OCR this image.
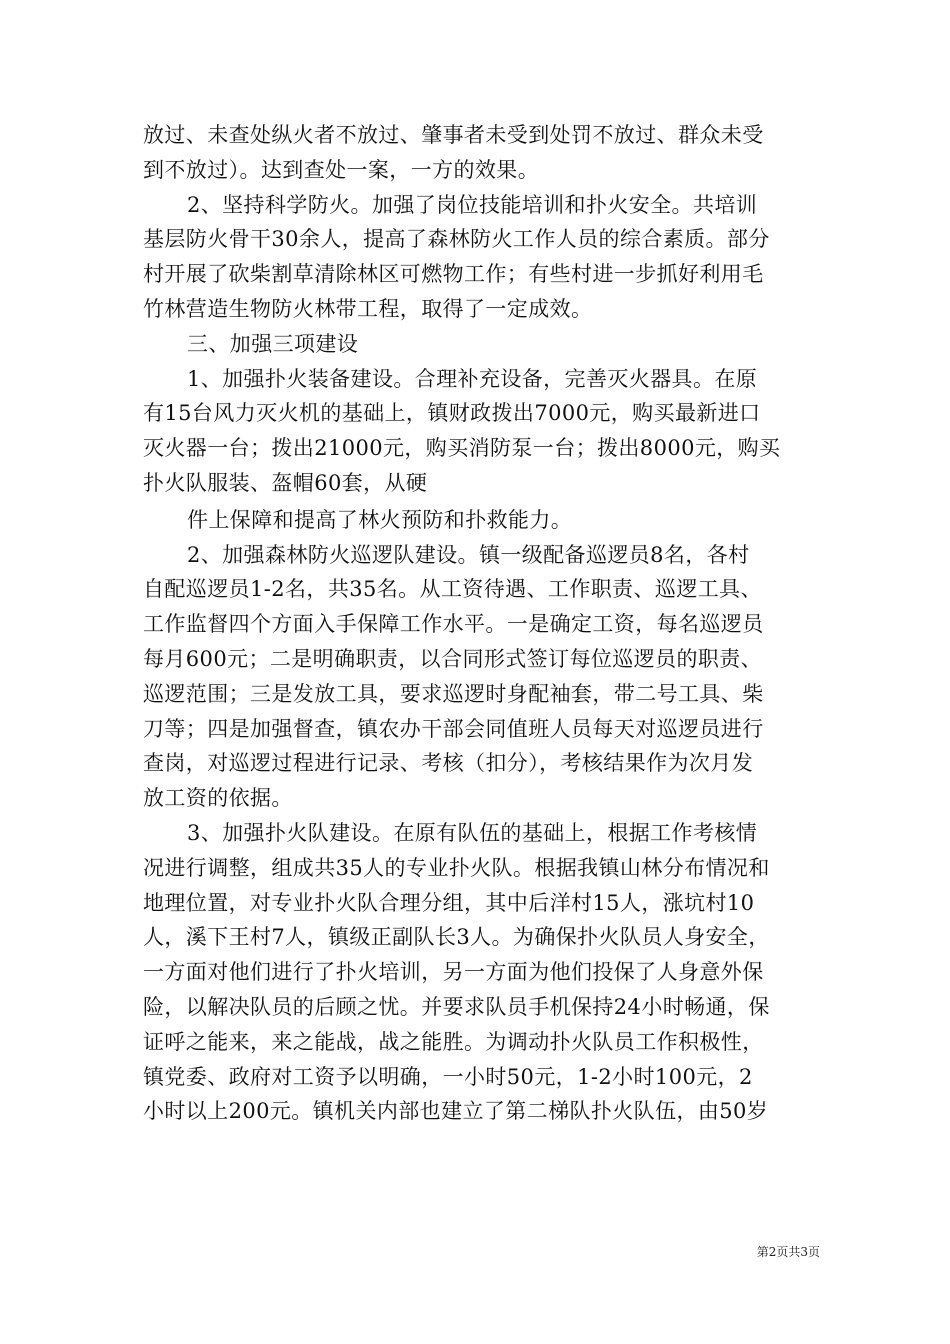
放过、未查处纵火者不放过、肇事者未受到处罚不放过、群众未受
到不放过）。达到查处一案，一方的效果。
2、坚持科学防火。加强了岗位技能培训和扑火安全。共培训
基层防火骨干30余人，提高了森林防火工作人员的综合素质。部分
村开展了砍柴割草清除林区可燃物工作；有些村进一步抓好利用毛
竹林营造生物防火林带工程，取得了一定成效。
三、加强三项建设
1、加强扑火装备建设。合理补充设备，完善灭火器具。在原
有15台风力灭火机的基础上，镇财政拨出7000元，购买最新进口
灭火器一台；拨出21000元，购买消防泵一台；拨出8000元，购买
扑火队服装、盔帽60套，从硬
件上保障和提高了林火预防和扑救能力。
2、加强森林防火巡逻队建设。镇一级配备巡逻员8名，各村
自配巡逻员1-2名，共35名。从工资待遇、工作职责、巡逻工具、
工作监督四个方面入手保障工作水平。一是确定工资，每名巡逻员
每月600元；二是明确职责，以合同形式签订每位巡逻员的职责、
巡逻范围；三是发放工具，要求巡逻时身配袖套，带二号工具、柴
刀等；四是加强督查，镇农办干部会同值班人员每天对巡逻员进行
查岗，对巡逻过程进行记录、考核（扣分），考核结果作为次月发
放工资的依据。
3、加强扑火队建设。在原有队伍的基础上，根据工作考核情
况进行调整，组成共35人的专业扑火队。根据我镇山林分布情况和
地理位置，对专业扑火队合理分组，其中后洋村15人，涨坑村10
人，溪下王村7人，镇级正副队长3人。为确保扑火队员人身安全，
一方面对他们进行了扑火培训，另一方面为他们投保了人身意外保
险，以解决队员的后顾之忧。并要求队员手机保持24小时畅通，保
证呼之能来，来之能战，战之能胜。为调动扑火队员工作积极性，
镇党委、政府对工资予以明确，一小时50元，1-2小时100元，2
小时以上200元。镇机关内部也建立了第二梯队扑火队伍，由50岁
第2页共3页
